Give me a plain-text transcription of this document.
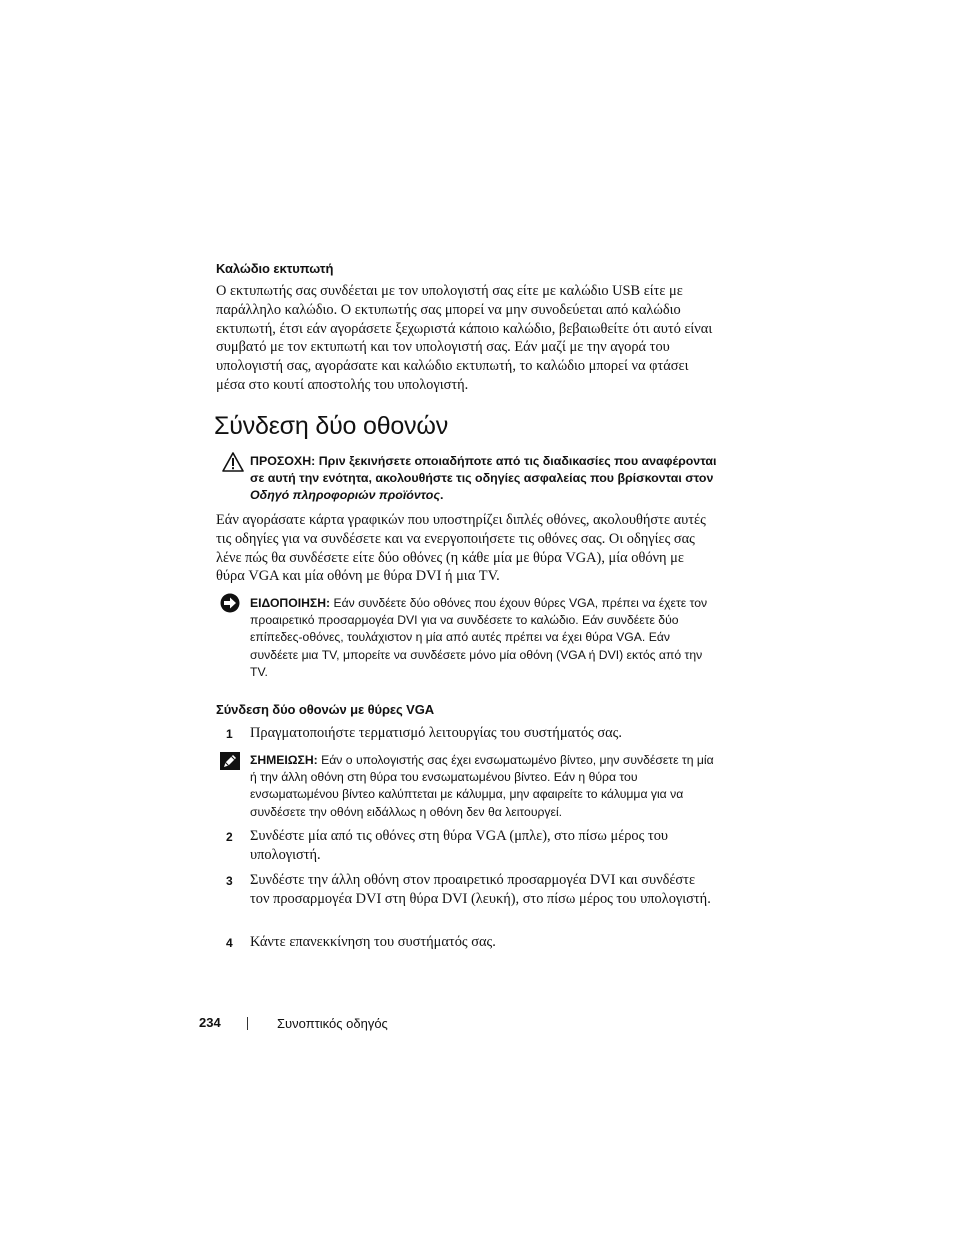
Καλώδιο εκτυπωτή
Ο εκτυπωτής σας συνδέεται με τον υπολογιστή σας είτε με καλώδιο USB είτε με παράλληλο καλώδιο. Ο εκτυπωτής σας μπορεί να μην συνοδεύεται από καλώδιο εκτυπωτή, έτσι εάν αγοράσετε ξεχωριστά κάποιο καλώδιο, βεβαιωθείτε ότι αυτό είναι συμβατό με τον εκτυπωτή και τον υπολογιστή σας. Εάν μαζί με την αγορά του υπολογιστή σας, αγοράσατε και καλώδιο εκτυπωτή, το καλώδιο μπορεί να φτάσει μέσα στο κουτί αποστολής του υπολογιστή.
Σύνδεση δύο οθονών
ΠΡΟΣΟΧΗ: Πριν ξεκινήσετε οποιαδήποτε από τις διαδικασίες που αναφέρονται σε αυτή την ενότητα, ακολουθήστε τις οδηγίες ασφαλείας που βρίσκονται στον Οδηγό πληροφοριών προϊόντος.
Εάν αγοράσατε κάρτα γραφικών που υποστηρίζει διπλές οθόνες, ακολουθήστε αυτές τις οδηγίες για να συνδέσετε και να ενεργοποιήσετε τις οθόνες σας. Οι οδηγίες σας λένε πώς θα συνδέσετε είτε δύο οθόνες (η κάθε μία με θύρα VGA), μία οθόνη με θύρα VGA και μία οθόνη με θύρα DVI ή μια TV.
ΕΙΔΟΠΟΙΗΣΗ: Εάν συνδέετε δύο οθόνες που έχουν θύρες VGA, πρέπει να έχετε τον προαιρετικό προσαρμογέα DVI για να συνδέσετε το καλώδιο. Εάν συνδέετε δύο επίπεδες-οθόνες, τουλάχιστον η μία από αυτές πρέπει να έχει θύρα VGA. Εάν συνδέετε μια TV, μπορείτε να συνδέσετε μόνο μία οθόνη (VGA ή DVI) εκτός από την TV.
Σύνδεση δύο οθονών με θύρες VGA
1 Πραγματοποιήστε τερματισμό λειτουργίας του συστήματός σας.
ΣΗΜΕΙΩΣΗ: Εάν ο υπολογιστής σας έχει ενσωματωμένο βίντεο, μην συνδέσετε τη μία ή την άλλη οθόνη στη θύρα του ενσωματωμένου βίντεο. Εάν η θύρα του ενσωματωμένου βίντεο καλύπτεται με κάλυμμα, μην αφαιρείτε το κάλυμμα για να συνδέσετε την οθόνη ειδάλλως η οθόνη δεν θα λειτουργεί.
2 Συνδέστε μία από τις οθόνες στη θύρα VGA (μπλε), στο πίσω μέρος του υπολογιστή.
3 Συνδέστε την άλλη οθόνη στον προαιρετικό προσαρμογέα DVI και συνδέστε τον προσαρμογέα DVI στη θύρα DVI (λευκή), στο πίσω μέρος του υπολογιστή.
4 Κάντε επανεκκίνηση του συστήματός σας.
234	Συνοπτικός οδηγός
